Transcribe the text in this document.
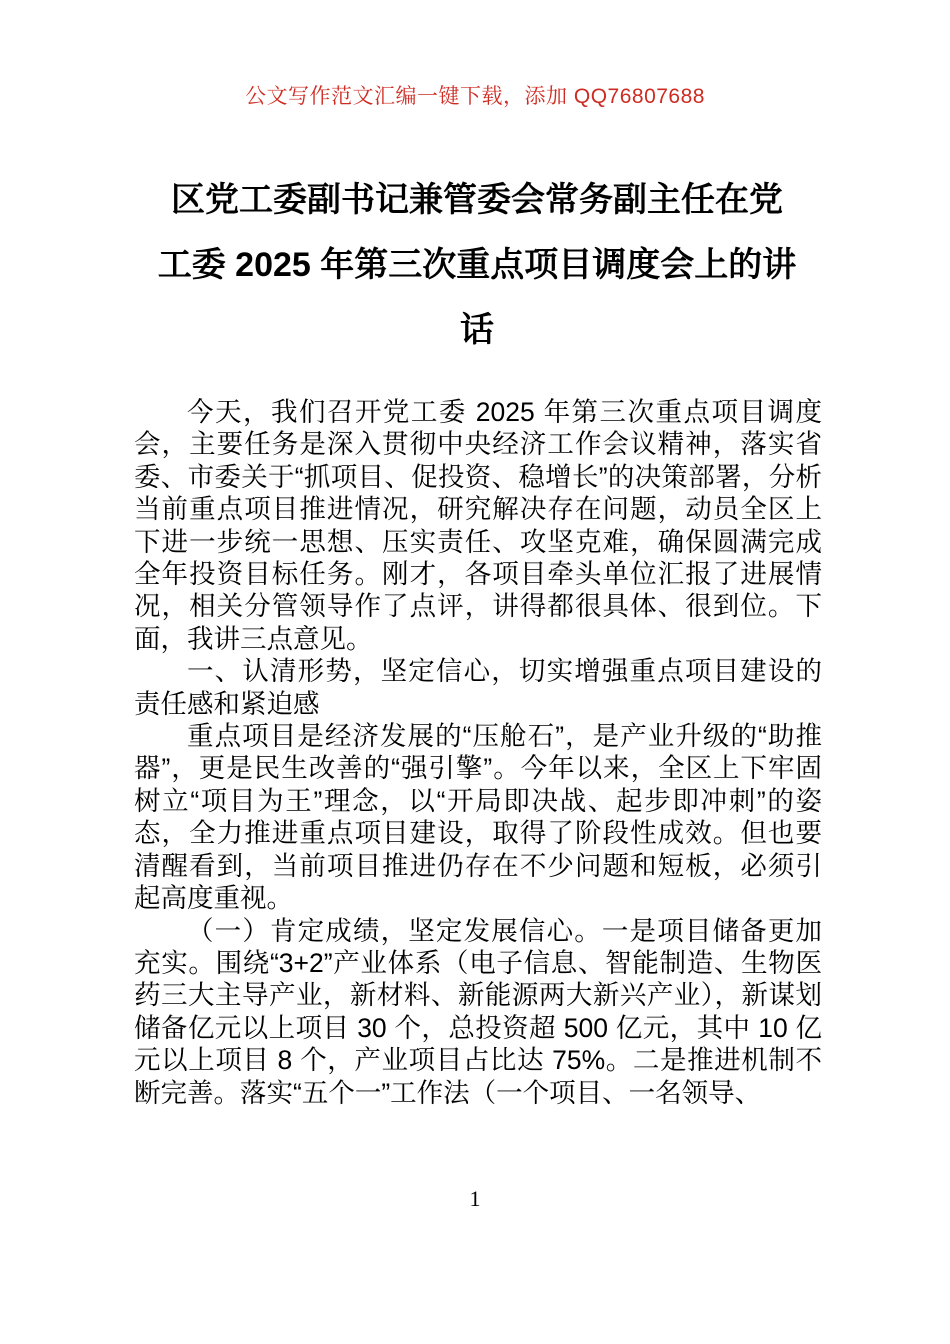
公文写作范文汇编一键下载，添加 QQ76807688
区党工委副书记兼管委会常务副主任在党
工委 2025 年第三次重点项目调度会上的讲
话

今天，我们召开党工委 2025 年第三次重点项目调度会，主要任务是深入贯彻中央经济工作会议精神，落实省委、市委关于“抓项目、促投资、稳增长”的决策部署，分析当前重点项目推进情况，研究解决存在问题，动员全区上下进一步统一思想、压实责任、攻坚克难，确保圆满完成全年投资目标任务。刚才，各项目牵头单位汇报了进展情况，相关分管领导作了点评，讲得都很具体、很到位。下面，我讲三点意见。

一、认清形势，坚定信心，切实增强重点项目建设的责任感和紧迫感

重点项目是经济发展的“压舱石”，是产业升级的“助推器”，更是民生改善的“强引擎”。今年以来，全区上下牢固树立“项目为王”理念，以“开局即决战、起步即冲刺”的姿态，全力推进重点项目建设，取得了阶段性成效。但也要清醒看到，当前项目推进仍存在不少问题和短板，必须引起高度重视。

（一）肯定成绩，坚定发展信心。一是项目储备更加充实。围绕“3+2”产业体系（电子信息、智能制造、生物医药三大主导产业，新材料、新能源两大新兴产业），新谋划储备亿元以上项目 30 个，总投资超 500 亿元，其中 10 亿元以上项目 8 个，产业项目占比达 75%。二是推进机制不断完善。落实“五个一”工作法（一个项目、一名领导、

1
